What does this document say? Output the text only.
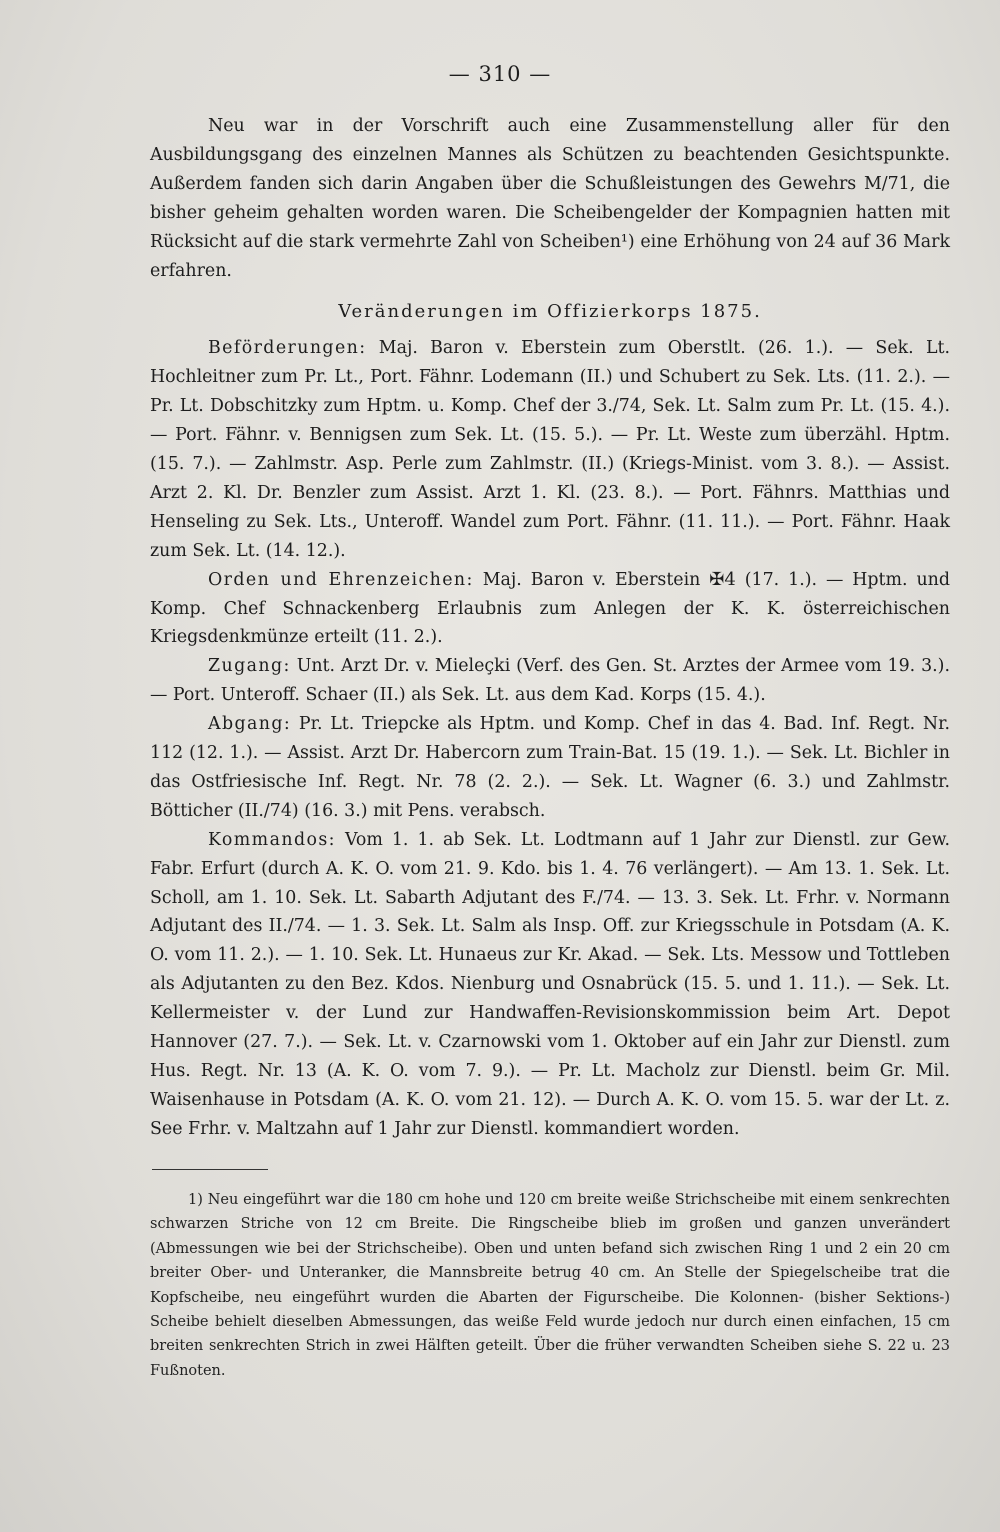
— 310 —

Neu war in der Vorschrift auch eine Zusammenstellung aller für den Ausbildungsgang des einzelnen Mannes als Schützen zu beachtenden Gesichtspunkte. Außerdem fanden sich darin Angaben über die Schußleistungen des Gewehrs M/71, die bisher geheim gehalten worden waren. Die Scheibengelder der Kompagnien hatten mit Rücksicht auf die stark vermehrte Zahl von Scheiben¹) eine Erhöhung von 24 auf 36 Mark erfahren.

Veränderungen im Offizierkorps 1875.

Beförderungen: Maj. Baron v. Eberstein zum Oberstlt. (26. 1.). — Sek. Lt. Hochleitner zum Pr. Lt., Port. Fähnr. Lodemann (II.) und Schubert zu Sek. Lts. (11. 2.). — Pr. Lt. Dobschitzky zum Hptm. u. Komp. Chef der 3./74, Sek. Lt. Salm zum Pr. Lt. (15. 4.). — Port. Fähnr. v. Bennigsen zum Sek. Lt. (15. 5.). — Pr. Lt. Weste zum überzähl. Hptm. (15. 7.). — Zahlmstr. Asp. Perle zum Zahlmstr. (II.) (Kriegs-Minist. vom 3. 8.). — Assist. Arzt 2. Kl. Dr. Benzler zum Assist. Arzt 1. Kl. (23. 8.). — Port. Fähnrs. Matthias und Henseling zu Sek. Lts., Unteroff. Wandel zum Port. Fähnr. (11. 11.). — Port. Fähnr. Haak zum Sek. Lt. (14. 12.).

Orden und Ehrenzeichen: Maj. Baron v. Eberstein ✠4 (17. 1.). — Hptm. und Komp. Chef Schnackenberg Erlaubnis zum Anlegen der K. K. österreichischen Kriegsdenkmünze erteilt (11. 2.).

Zugang: Unt. Arzt Dr. v. Mieleçki (Verf. des Gen. St. Arztes der Armee vom 19. 3.). — Port. Unteroff. Schaer (II.) als Sek. Lt. aus dem Kad. Korps (15. 4.).

Abgang: Pr. Lt. Triepcke als Hptm. und Komp. Chef in das 4. Bad. Inf. Regt. Nr. 112 (12. 1.). — Assist. Arzt Dr. Habercorn zum Train-Bat. 15 (19. 1.). — Sek. Lt. Bichler in das Ostfriesische Inf. Regt. Nr. 78 (2. 2.). — Sek. Lt. Wagner (6. 3.) und Zahlmstr. Bötticher (II./74) (16. 3.) mit Pens. verabsch.

Kommandos: Vom 1. 1. ab Sek. Lt. Lodtmann auf 1 Jahr zur Dienstl. zur Gew. Fabr. Erfurt (durch A. K. O. vom 21. 9. Kdo. bis 1. 4. 76 verlängert). — Am 13. 1. Sek. Lt. Scholl, am 1. 10. Sek. Lt. Sabarth Adjutant des F./74. — 13. 3. Sek. Lt. Frhr. v. Normann Adjutant des II./74. — 1. 3. Sek. Lt. Salm als Insp. Off. zur Kriegsschule in Potsdam (A. K. O. vom 11. 2.). — 1. 10. Sek. Lt. Hunaeus zur Kr. Akad. — Sek. Lts. Messow und Tottleben als Adjutanten zu den Bez. Kdos. Nienburg und Osnabrück (15. 5. und 1. 11.). — Sek. Lt. Kellermeister v. der Lund zur Handwaffen-Revisionskommission beim Art. Depot Hannover (27. 7.). — Sek. Lt. v. Czarnowski vom 1. Oktober auf ein Jahr zur Dienstl. zum Hus. Regt. Nr. 13 (A. K. O. vom 7. 9.). — Pr. Lt. Macholz zur Dienstl. beim Gr. Mil. Waisenhause in Potsdam (A. K. O. vom 21. 12). — Durch A. K. O. vom 15. 5. war der Lt. z. See Frhr. v. Maltzahn auf 1 Jahr zur Dienstl. kommandiert worden.

1) Neu eingeführt war die 180 cm hohe und 120 cm breite weiße Strichscheibe mit einem senkrechten schwarzen Striche von 12 cm Breite. Die Ringscheibe blieb im großen und ganzen unverändert (Abmessungen wie bei der Strichscheibe). Oben und unten befand sich zwischen Ring 1 und 2 ein 20 cm breiter Ober- und Unteranker, die Mannsbreite betrug 40 cm. An Stelle der Spiegelscheibe trat die Kopfscheibe, neu eingeführt wurden die Abarten der Figurscheibe. Die Kolonnen- (bisher Sektions-) Scheibe behielt dieselben Abmessungen, das weiße Feld wurde jedoch nur durch einen einfachen, 15 cm breiten senkrechten Strich in zwei Hälften geteilt. Über die früher verwandten Scheiben siehe S. 22 u. 23 Fußnoten.
